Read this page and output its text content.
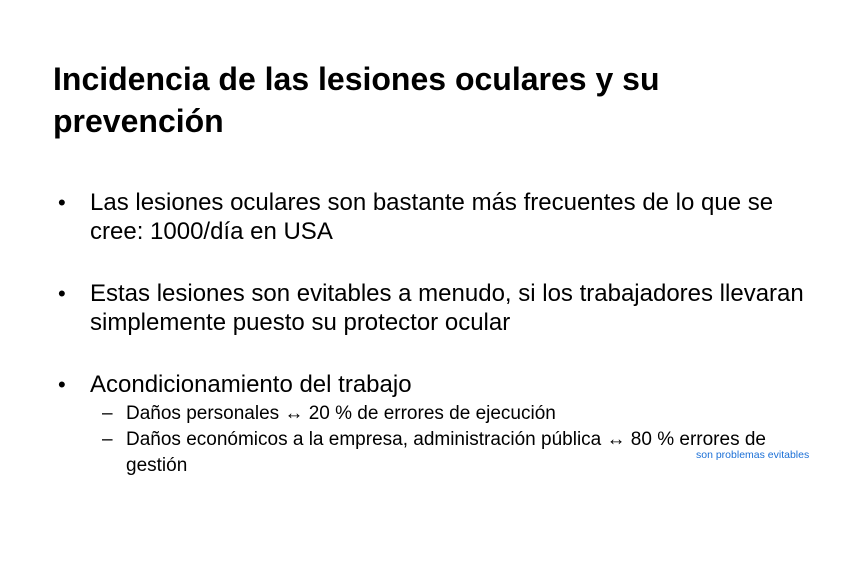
Incidencia de las lesiones oculares y su prevención
• Las lesiones oculares son bastante más frecuentes de lo que se cree: 1000/día en USA
• Estas lesiones son evitables a menudo, si los trabajadores llevaran simplemente puesto su protector ocular
• Acondicionamiento del trabajo
– Daños personales ↔ 20 % de errores de ejecución
– Daños económicos a la empresa, administración pública ↔ 80 % errores de gestión	son problemas evitables
